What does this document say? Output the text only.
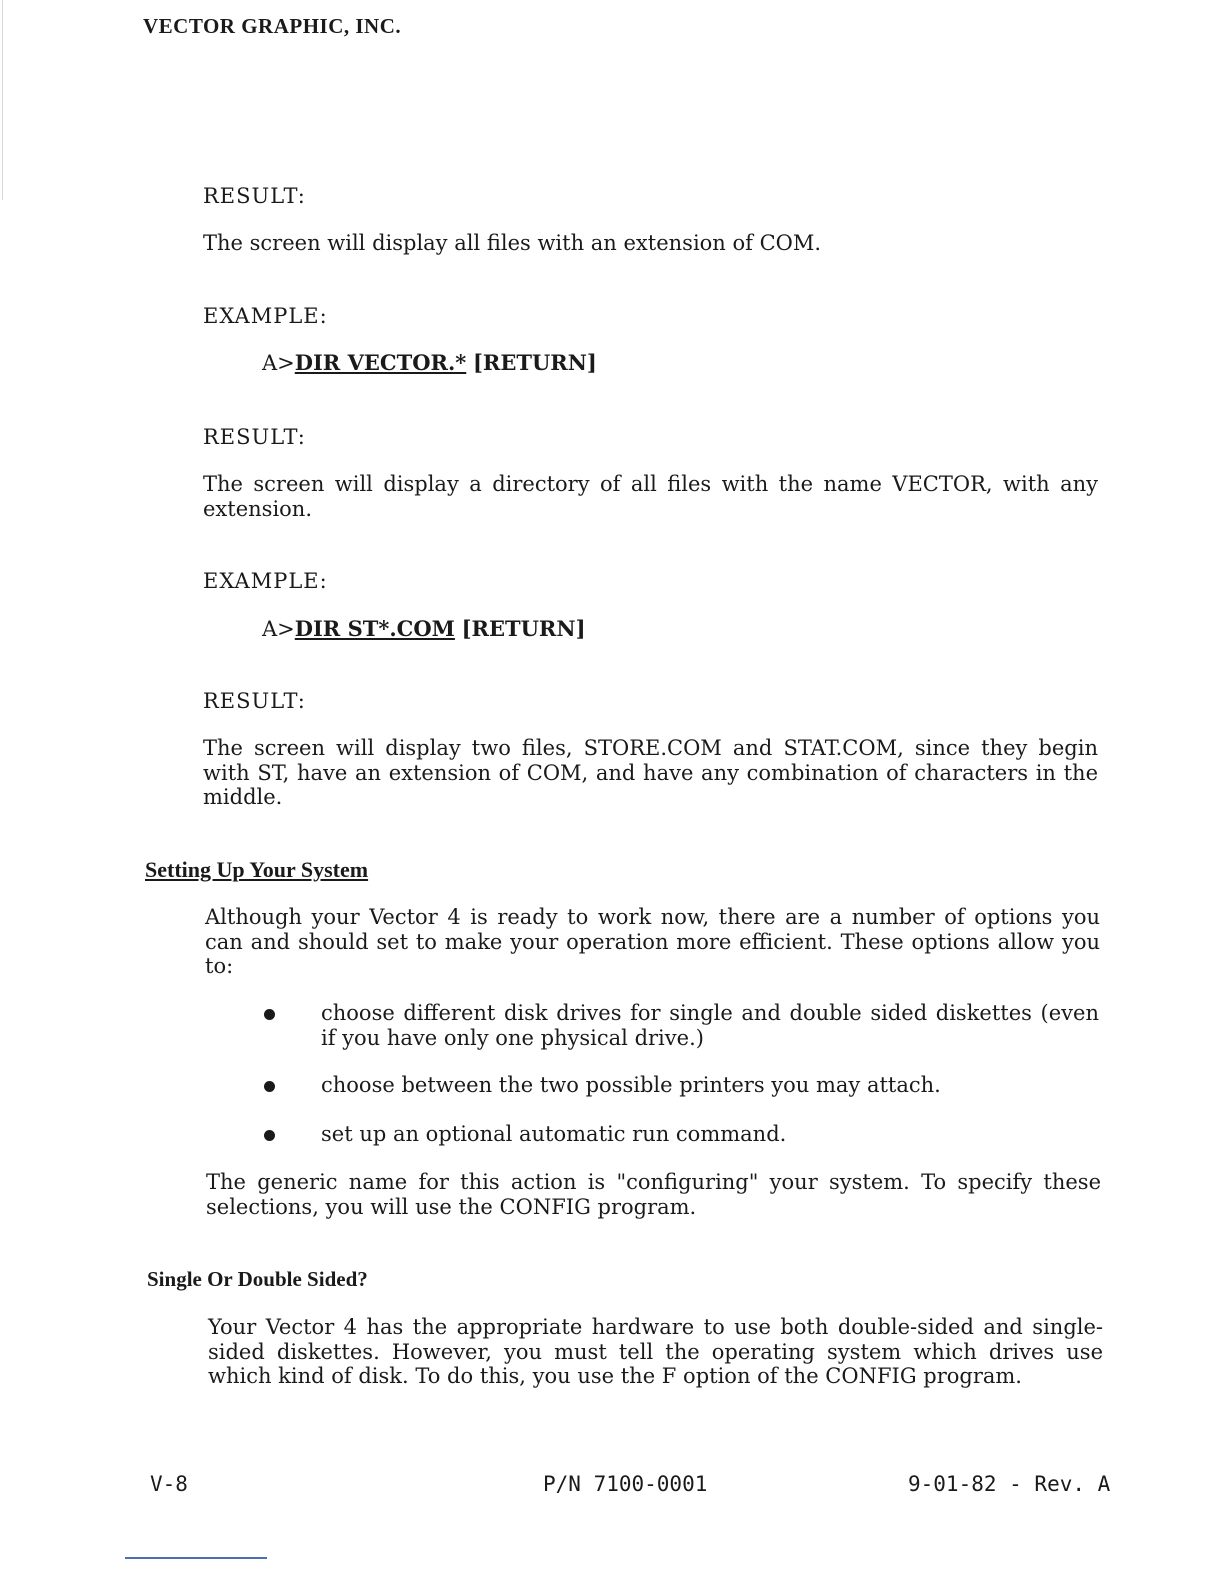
VECTOR GRAPHIC, INC.
RESULT:
The screen will display all files with an extension of COM.
EXAMPLE:
A>DIR VECTOR.* [RETURN]
RESULT:
The screen will display a directory of all files with the name VECTOR, with any extension.
EXAMPLE:
A>DIR ST*.COM [RETURN]
RESULT:
The screen will display two files, STORE.COM and STAT.COM, since they begin with ST, have an extension of COM, and have any combination of characters in the middle.
Setting Up Your System
Although your Vector 4 is ready to work now, there are a number of options you can and should set to make your operation more efficient. These options allow you to:
choose different disk drives for single and double sided diskettes (even if you have only one physical drive.)
choose between the two possible printers you may attach.
set up an optional automatic run command.
The generic name for this action is "configuring" your system. To specify these selections, you will use the CONFIG program.
Single Or Double Sided?
Your Vector 4 has the appropriate hardware to use both double-sided and single-sided diskettes. However, you must tell the operating system which drives use which kind of disk. To do this, you use the F option of the CONFIG program.
V-8	P/N 7100-0001	9-01-82 - Rev. A
